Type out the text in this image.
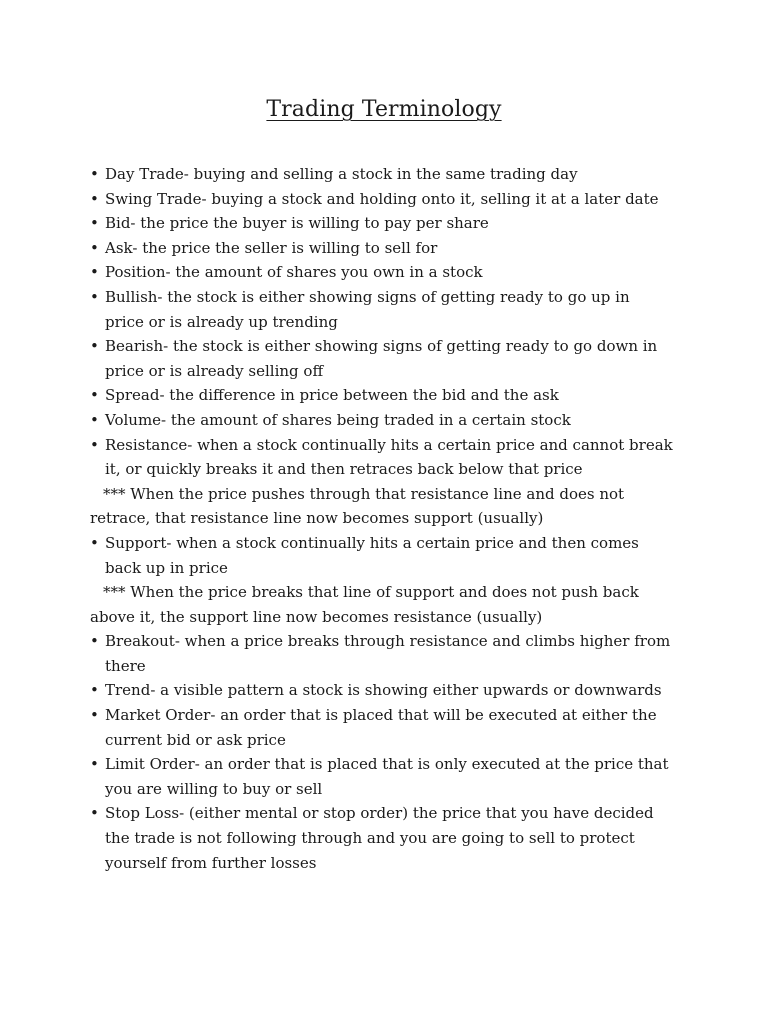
Trading Terminology
• Day Trade- buying and selling a stock in the same trading day
• Swing Trade- buying a stock and holding onto it, selling it at a later date
• Bid- the price the buyer is willing to pay per share
• Ask- the price the seller is willing to sell for
• Position- the amount of shares you own in a stock
• Bullish- the stock is either showing signs of getting ready to go up in
price or is already up trending
• Bearish- the stock is either showing signs of getting ready to go down in
price or is already selling off
• Spread- the difference in price between the bid and the ask
• Volume- the amount of shares being traded in a certain stock
• Resistance- when a stock continually hits a certain price and cannot break
it, or quickly breaks it and then retraces back below that price
*** When the price pushes through that resistance line and does not
retrace, that resistance line now becomes support (usually)
• Support- when a stock continually hits a certain price and then comes
back up in price
*** When the price breaks that line of support and does not push back
above it, the support line now becomes resistance (usually)
• Breakout- when a price breaks through resistance and climbs higher from
there
• Trend- a visible pattern a stock is showing either upwards or downwards
• Market Order- an order that is placed that will be executed at either the
current bid or ask price
• Limit Order- an order that is placed that is only executed at the price that
you are willing to buy or sell
• Stop Loss- (either mental or stop order) the price that you have decided
the trade is not following through and you are going to sell to protect
yourself from further losses
